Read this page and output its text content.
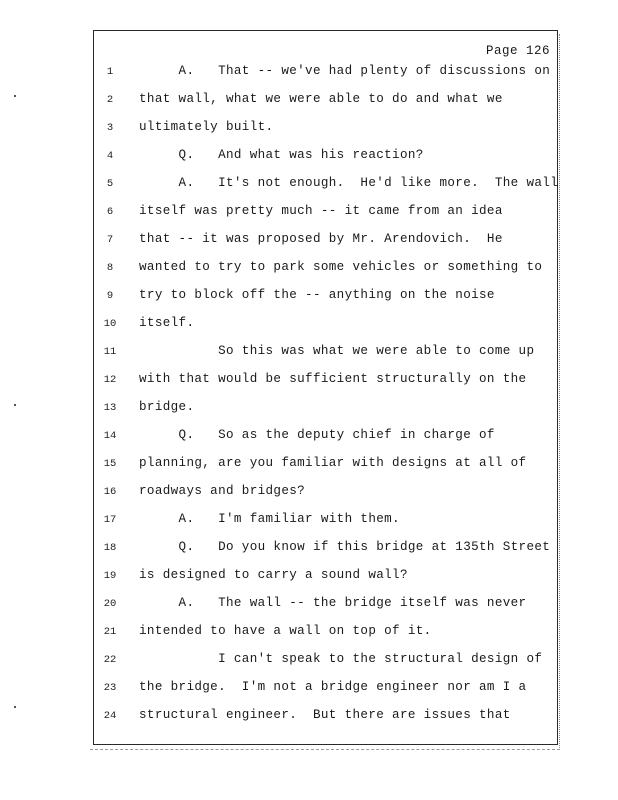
Page 126
1	A.   That -- we've had plenty of discussions on
2	that wall, what we were able to do and what we
3	ultimately built.
4	Q.   And what was his reaction?
5	A.   It's not enough.  He'd like more.  The wall
6	itself was pretty much -- it came from an idea
7	that -- it was proposed by Mr. Arendovich.  He
8	wanted to try to park some vehicles or something to
9	try to block off the -- anything on the noise
10	itself.
11	So this was what we were able to come up
12	with that would be sufficient structurally on the
13	bridge.
14	Q.   So as the deputy chief in charge of
15	planning, are you familiar with designs at all of
16	roadways and bridges?
17	A.   I'm familiar with them.
18	Q.   Do you know if this bridge at 135th Street
19	is designed to carry a sound wall?
20	A.   The wall -- the bridge itself was never
21	intended to have a wall on top of it.
22	I can't speak to the structural design of
23	the bridge.  I'm not a bridge engineer nor am I a
24	structural engineer.  But there are issues that
